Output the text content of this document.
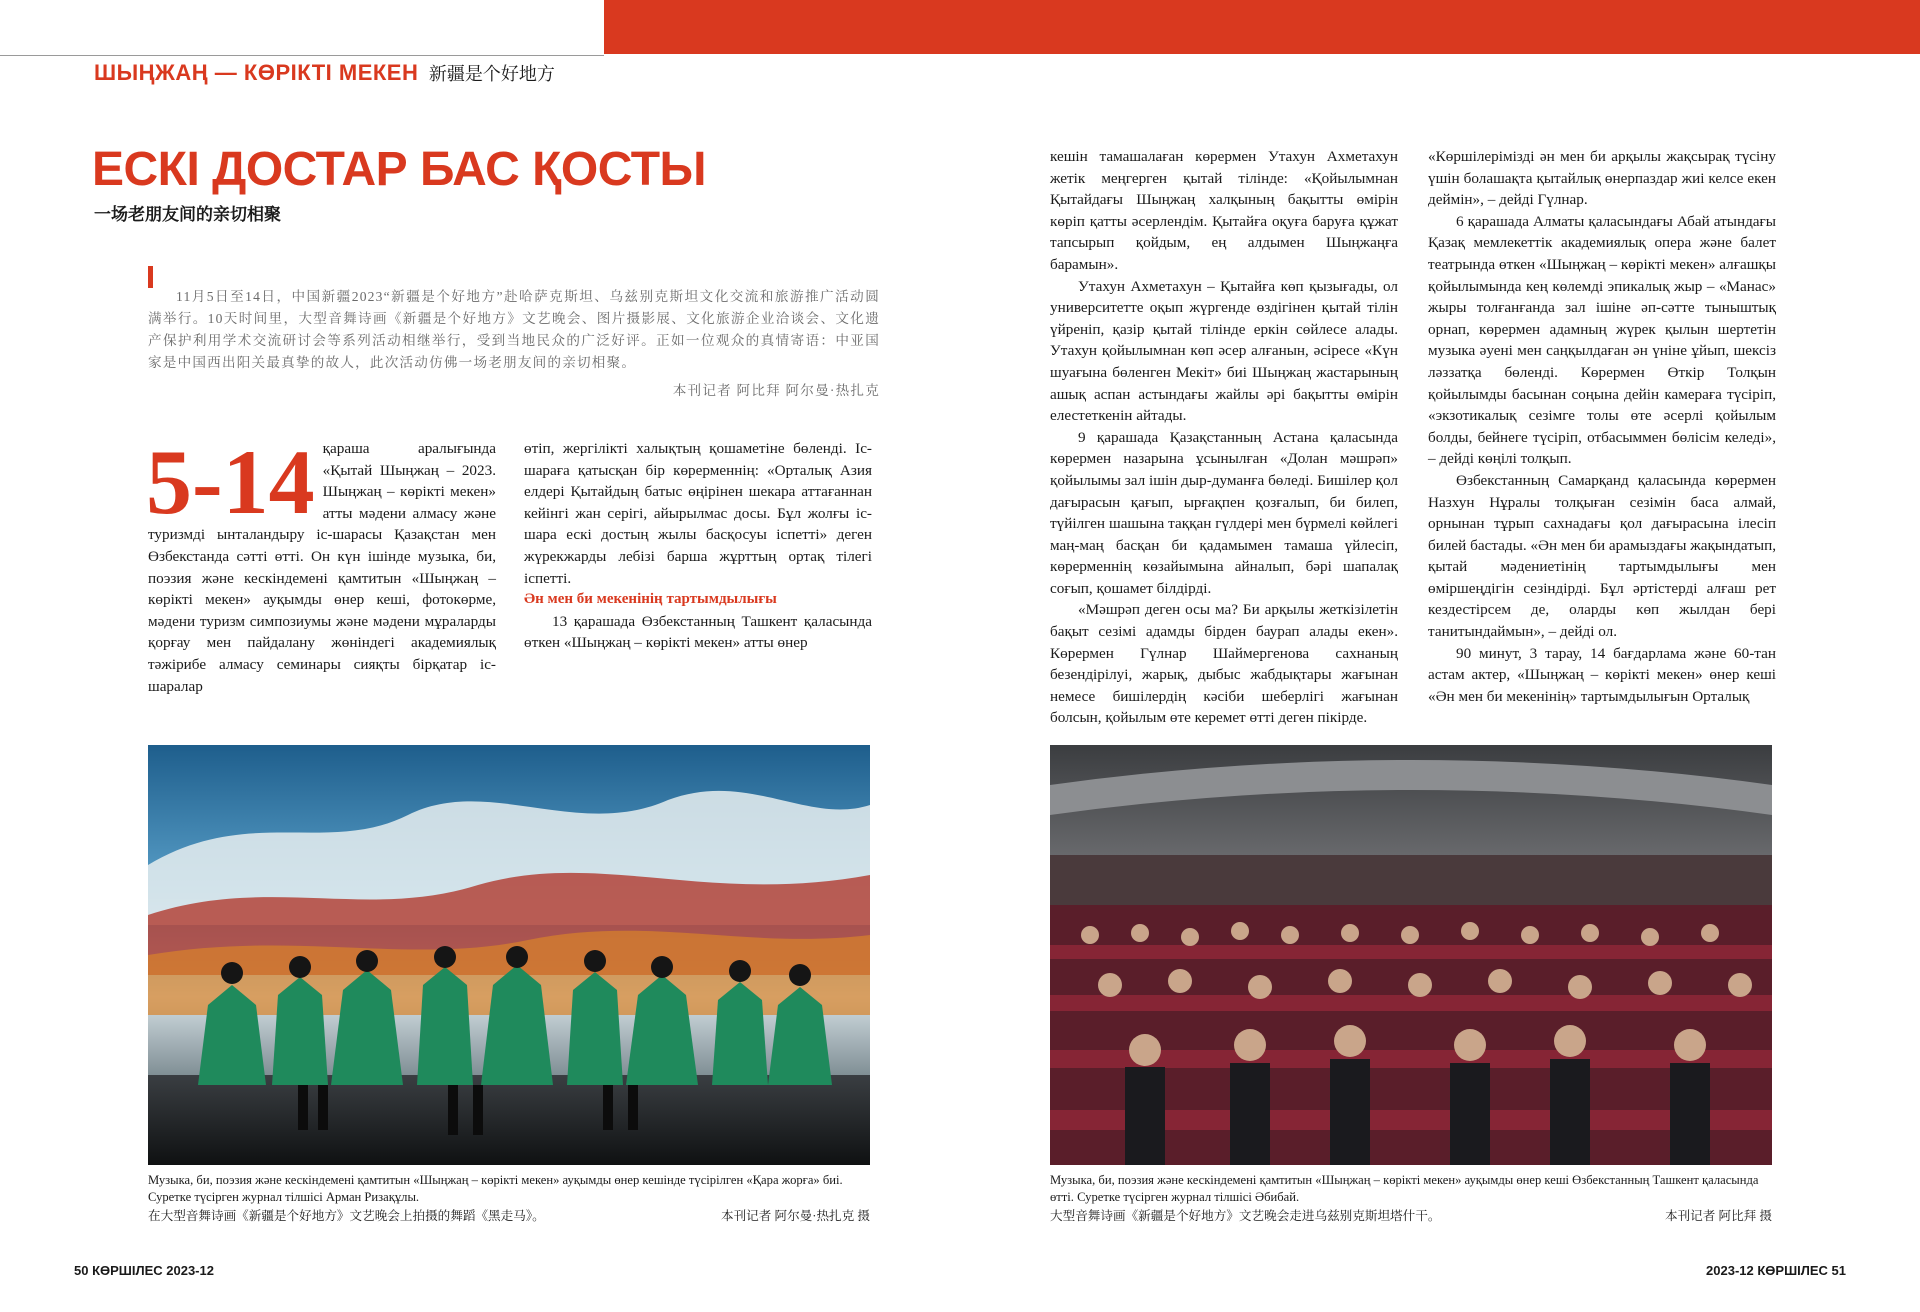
ШЫҢЖАҢ — КӨРІКТІ МЕКЕН 新疆是个好地方
ЕСКІ ДОСТАР БАС ҚОСТЫ
一场老朋友间的亲切相聚

11月5日至14日，中国新疆2023“新疆是个好地方”赴哈萨克斯坦、乌兹别克斯坦文化交流和旅游推广活动圆满举行。10天时间里，大型音舞诗画《新疆是个好地方》文艺晚会、图片摄影展、文化旅游企业洽谈会、文化遗产保护利用学术交流研讨会等系列活动相继举行，受到当地民众的广泛好评。正如一位观众的真情寄语：中亚国家是中国西出阳关最真挚的故人，此次活动仿佛一场老朋友间的亲切相聚。

本刊记者 阿比拜 阿尔曼·热扎克

5-14 қараша аралығында «Қытай Шыңжаң – 2023. Шыңжаң – көрікті мекен» атты мәдени алмасу және туризмді ынталандыру іс-шарасы Қазақстан мен Өзбекстанда сәтті өтті. Он күн ішінде музыка, би, поэзия және кескіндемені қамтитын «Шыңжаң – көрікті мекен» ауқымды өнер кеші, фотокөрме, мәдени туризм симпозиумы және мәдени мұраларды қорғау мен пайдалану жөніндегі академиялық тәжірибе алмасу семинары сияқты бірқатар іс-шаралар

өтіп, жергілікті халықтың қошаметіне бөленді. Іс-шараға қатысқан бір көрерменнің: «Орталық Азия елдері Қытайдың батыс өңірінен шекара аттағаннан кейінгі жан серігі, айырылмас досы. Бұл жолғы іс-шара ескі достың жылы басқосуы іспетті» деген жүрекжарды лебізі барша жұрттың ортақ тілегі іспетті.

Ән мен би мекенінің тартымдылығы

13 қарашада Өзбекстанның Ташкент қаласында өткен «Шыңжаң – көрікті мекен» атты өнер

кешін тамашалаған көрермен Утахун Ахметахун жетік меңгерген қытай тілінде: «Қойылымнан Қытайдағы Шыңжаң халқының бақытты өмірін көріп қатты әсерлендім. Қытайға оқуға баруға құжат тапсырып қойдым, ең алдымен Шыңжаңға барамын».

Утахун Ахметахун – Қытайға көп қызығады, ол университетте оқып жүргенде өздігінен қытай тілін үйреніп, қазір қытай тілінде еркін сөйлесе алады. Утахун қойылымнан көп әсер алғанын, әсіресе «Күн шуағына бөленген Мекіт» биі Шыңжаң жастарының ашық аспан астындағы жайлы әрі бақытты өмірін елестеткенін айтады.

9 қарашада Қазақстанның Астана қаласында көрермен назарына ұсынылған «Долан мәшрәп» қойылымы зал ішін дыр-думанға бөледі. Бишілер қол дағырасын қағып, ырғақпен қозғалып, би билеп, түйілген шашына таққан гүлдері мен бүрмелі көйлегі маң-маң басқан би қадамымен тамаша үйлесіп, көрерменнің көзайымына айналып, бәрі шапалақ соғып, қошамет білдірді.

«Мәшрәп деген осы ма? Би арқылы жеткізілетін бақыт сезімі адамды бірден баурап алады екен». Көрермен Гүлнар Шаймергенова сахнаның безендірілуі, жарық, дыбыс жабдықтары жағынан немесе бишілердің кәсіби шеберлігі жағынан болсын, қойылым өте керемет өтті деген пікірде.

«Көршілерімізді ән мен би арқылы жақсырақ түсіну үшін болашақта қытайлық өнерпаздар жиі келсе екен деймін», – дейді Гүлнар.

6 қарашада Алматы қаласындағы Абай атындағы Қазақ мемлекеттік академиялық опера және балет театрында өткен «Шыңжаң – көрікті мекен» алғашқы қойылымында кең көлемді эпикалық жыр – «Манас» жыры толғанғанда зал ішіне әп-сәтте тыныштық орнап, көрермен адамның жүрек қылын шертетін музыка әуені мен саңқылдаған ән үніне ұйып, шексіз ләззатқа бөленді. Көрермен Өткір Толқын қойылымды басынан соңына дейін камераға түсіріп, «экзотикалық сезімге толы өте әсерлі қойылым болды, бейнеге түсіріп, отбасыммен бөлісім келеді», – дейді көңілі толқып.

Өзбекстанның Самарқанд қаласында көрермен Назхун Нұралы толқыған сезімін баса алмай, орнынан тұрып сахнадағы қол дағырасына ілесіп билей бастады. «Ән мен би арамыздағы жақындатып, қытай мәдениетінің тартымдылығы мен өміршеңдігін сезіндірді. Бұл әртістерді алғаш рет кездестірсем де, оларды көп жылдан бері танитындаймын», – дейді ол.

90 минут, 3 тарау, 14 бағдарлама және 60-тан астам актер, «Шыңжаң – көрікті мекен» өнер кеші «Ән мен би мекенінің» тартымдылығын Орталық

Музыка, би, поэзия және кескіндемені қамтитын «Шыңжаң – көрікті мекен» ауқымды өнер кешінде түсірілген «Қара жорға» биі. Суретке түсірген журнал тілшісі Арман Ризақұлы.
在大型音舞诗画《新疆是个好地方》文艺晚会上拍摄的舞蹈《黑走马》。	本刊记者 阿尔曼·热扎克 摄
Музыка, би, поэзия және кескіндемені қамтитын «Шыңжаң – көрікті мекен» ауқымды өнер кеші Өзбекстанның Ташкент қаласында өтті. Суретке түсірген журнал тілшісі Әбибай.
大型音舞诗画《新疆是个好地方》文艺晚会走进乌兹别克斯坦塔什干。	本刊记者 阿比拜 摄
50 КӨРШІЛЕС 2023-12	2023-12 КӨРШІЛЕС 51
